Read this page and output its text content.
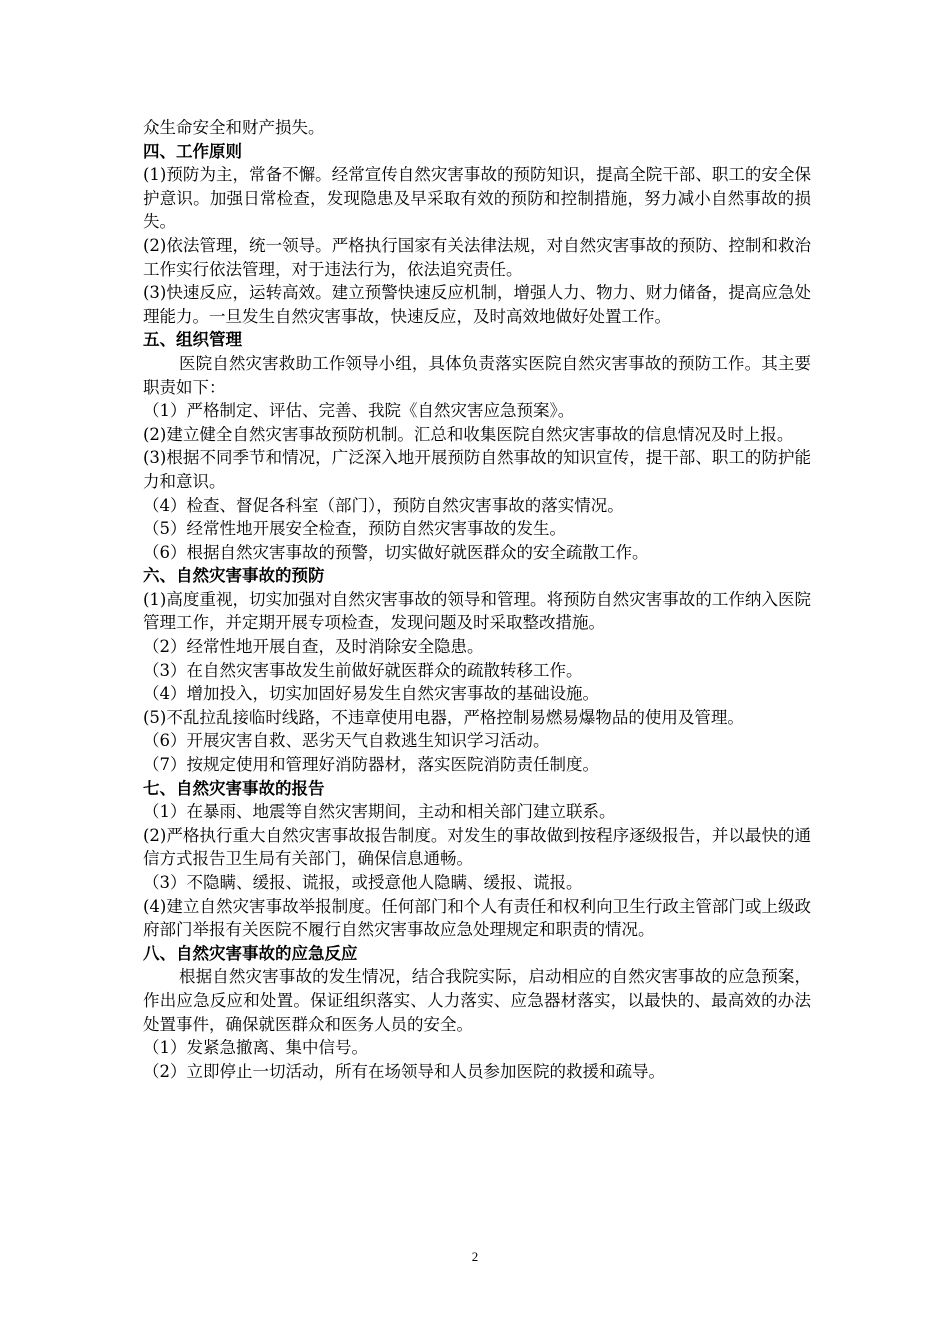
众生命安全和财产损失。

四、工作原则

(1)预防为主，常备不懈。经常宣传自然灾害事故的预防知识，提高全院干部、职工的安全保护意识。加强日常检查，发现隐患及早采取有效的预防和控制措施，努力减小自然事故的损失。

(2)依法管理，统一领导。严格执行国家有关法律法规，对自然灾害事故的预防、控制和救治工作实行依法管理，对于违法行为，依法追究责任。

(3)快速反应，运转高效。建立预警快速反应机制，增强人力、物力、财力储备，提高应急处理能力。一旦发生自然灾害事故，快速反应，及时高效地做好处置工作。

五、组织管理

医院自然灾害救助工作领导小组，具体负责落实医院自然灾害事故的预防工作。其主要职责如下：

（1）严格制定、评估、完善、我院《自然灾害应急预案》。

(2)建立健全自然灾害事故预防机制。汇总和收集医院自然灾害事故的信息情况及时上报。

(3)根据不同季节和情况，广泛深入地开展预防自然事故的知识宣传，提干部、职工的防护能力和意识。

（4）检查、督促各科室（部门），预防自然灾害事故的落实情况。

（5）经常性地开展安全检查，预防自然灾害事故的发生。

（6）根据自然灾害事故的预警，切实做好就医群众的安全疏散工作。

六、自然灾害事故的预防

(1)高度重视，切实加强对自然灾害事故的领导和管理。将预防自然灾害事故的工作纳入医院管理工作，并定期开展专项检查，发现问题及时采取整改措施。

（2）经常性地开展自查，及时消除安全隐患。

（3）在自然灾害事故发生前做好就医群众的疏散转移工作。

（4）增加投入，切实加固好易发生自然灾害事故的基础设施。

(5)不乱拉乱接临时线路，不违章使用电器，严格控制易燃易爆物品的使用及管理。

（6）开展灾害自救、恶劣天气自救逃生知识学习活动。

（7）按规定使用和管理好消防器材，落实医院消防责任制度。

七、自然灾害事故的报告

（1）在暴雨、地震等自然灾害期间，主动和相关部门建立联系。

(2)严格执行重大自然灾害事故报告制度。对发生的事故做到按程序逐级报告，并以最快的通信方式报告卫生局有关部门，确保信息通畅。

（3）不隐瞒、缓报、谎报，或授意他人隐瞒、缓报、谎报。

(4)建立自然灾害事故举报制度。任何部门和个人有责任和权利向卫生行政主管部门或上级政府部门举报有关医院不履行自然灾害事故应急处理规定和职责的情况。

八、自然灾害事故的应急反应

根据自然灾害事故的发生情况，结合我院实际，启动相应的自然灾害事故的应急预案，作出应急反应和处置。保证组织落实、人力落实、应急器材落实，以最快的、最高效的办法处置事件，确保就医群众和医务人员的安全。

（1）发紧急撤离、集中信号。

（2）立即停止一切活动，所有在场领导和人员参加医院的救援和疏导。

2
